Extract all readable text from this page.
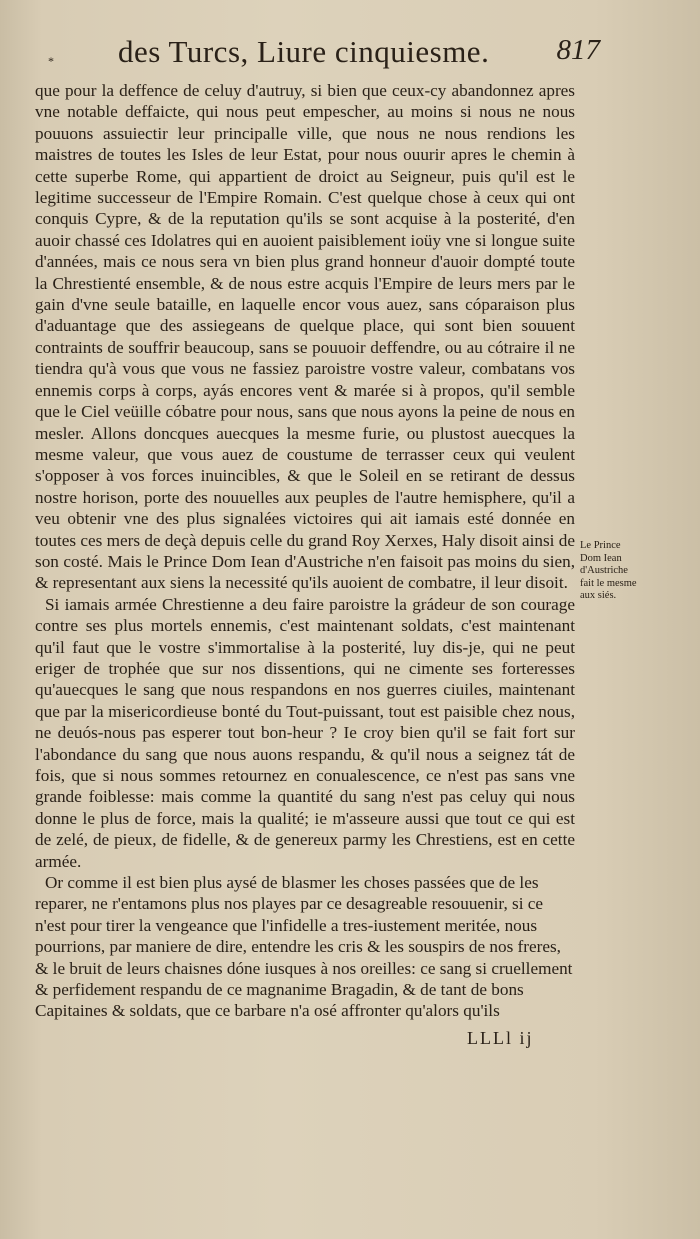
* des Turcs, Liure cinquiesme. 817

que pour la deffence de celuy d'autruy, si bien que ceux-cy abandonnez apres vne notable deffaicte, qui nous peut empescher, au moins si nous ne nous pouuons assuiectir leur principalle ville, que nous ne nous rendions les maistres de toutes les Isles de leur Estat, pour nous ouurir apres le chemin à cette superbe Rome, qui appartient de droict au Seigneur, puis qu'il est le legitime successeur de l'Empire Romain. C'est quelque chose à ceux qui ont conquis Cypre, & de la reputation qu'ils se sont acquise à la posterité, d'en auoir chassé ces Idolatres qui en auoient paisiblement ioüy vne si longue suite d'années, mais ce nous sera vn bien plus grand honneur d'auoir dompté toute la Chrestienté ensemble, & de nous estre acquis l'Empire de leurs mers par le gain d'vne seule bataille, en laquelle encor vous auez, sans cóparaison plus d'aduantage que des assiegeans de quelque place, qui sont bien souuent contraints de souffrir beaucoup, sans se pouuoir deffendre, ou au cótraire il ne tiendra qu'à vous que vous ne fassiez paroistre vostre valeur, combatans vos ennemis corps à corps, ayás encores vent & marée si à propos, qu'il semble que le Ciel veüille cóbatre pour nous, sans que nous ayons la peine de nous en mesler. Allons doncques auecques la mesme furie, ou plustost auecques la mesme valeur, que vous auez de coustume de terrasser ceux qui veulent s'opposer à vos forces inuincibles, & que le Soleil en se retirant de dessus nostre horison, porte des nouuelles aux peuples de l'autre hemisphere, qu'il a veu obtenir vne des plus signalées victoires qui ait iamais esté donnée en toutes ces mers de deçà depuis celle du grand Roy Xerxes, Haly disoit ainsi de son costé. Mais le Prince Dom Iean d'Austriche n'en faisoit pas moins du sien, & representant aux siens la necessité qu'ils auoient de combatre, il leur disoit.

Si iamais armée Chrestienne a deu faire paroistre la grádeur de son courage contre ses plus mortels ennemis, c'est maintenant soldats, c'est maintenant qu'il faut que le vostre s'immortalise à la posterité, luy dis-je, qui ne peut eriger de trophée que sur nos dissentions, qui ne cimente ses forteresses qu'auecques le sang que nous respandons en nos guerres ciuiles, maintenant que par la misericordieuse bonté du Tout-puissant, tout est paisible chez nous, ne deuós-nous pas esperer tout bon-heur ? Ie croy bien qu'il se fait fort sur l'abondance du sang que nous auons respandu, & qu'il nous a seignez tát de fois, que si nous sommes retournez en conualescence, ce n'est pas sans vne grande foiblesse: mais comme la quantité du sang n'est pas celuy qui nous donne le plus de force, mais la qualité; ie m'asseure aussi que tout ce qui est de zelé, de pieux, de fidelle, & de genereux parmy les Chrestiens, est en cette armée.

Or comme il est bien plus aysé de blasmer les choses passées que de les reparer, ne r'entamons plus nos playes par ce desagreable resouuenir, si ce n'est pour tirer la vengeance que l'infidelle a tres-iustement meritée, nous pourrions, par maniere de dire, entendre les cris & les souspirs de nos freres, & le bruit de leurs chaisnes dóne iusques à nos oreilles: ce sang si cruellement & perfidement respandu de ce magnanime Bragadin, & de tant de bons Capitaines & soldats, que ce barbare n'a osé affronter qu'alors qu'ils

Le Prince Dom Iean d'Austriche fait le mesme aux siés.
LLLl ij
